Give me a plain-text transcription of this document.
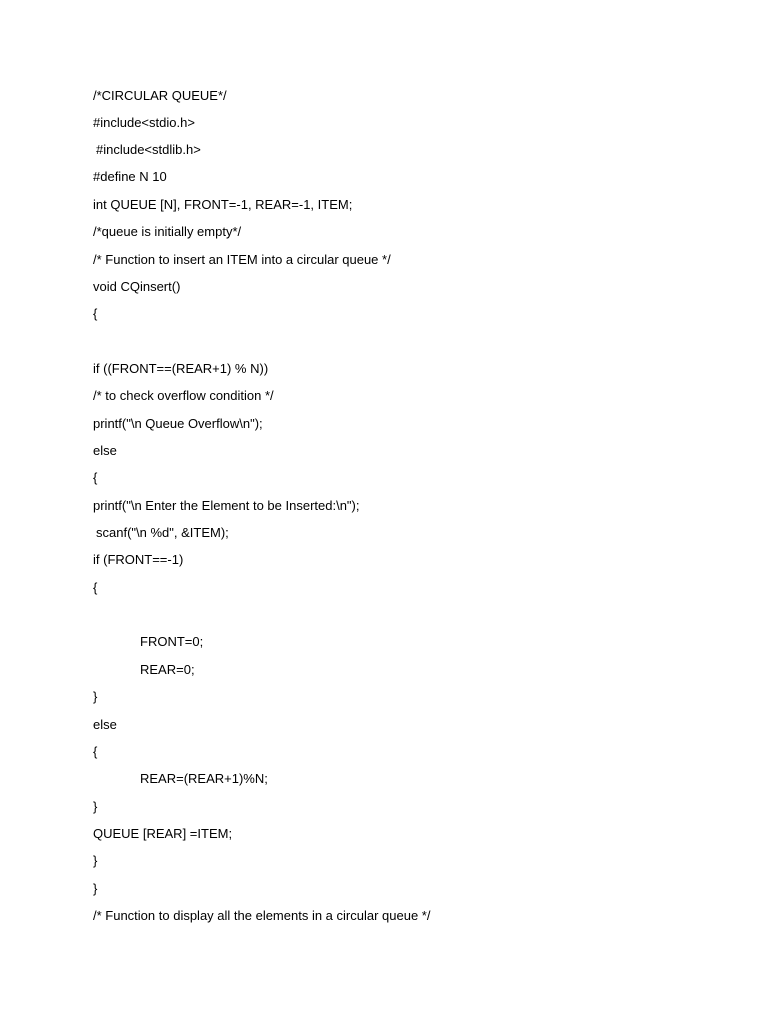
/*CIRCULAR QUEUE*/

#include<stdio.h>

#include<stdlib.h>

#define N 10

int QUEUE [N], FRONT=-1, REAR=-1, ITEM;

/*queue is initially empty*/

/* Function to insert an ITEM into a circular queue */

void CQinsert()

{

if ((FRONT==(REAR+1) % N))

/* to check overflow condition */

printf("\n Queue Overflow\n");

else

{

printf("\n Enter the Element to be Inserted:\n");

scanf("\n %d", &ITEM);

if (FRONT==-1)

{

FRONT=0;

REAR=0;

}

else

{

REAR=(REAR+1)%N;

}

QUEUE [REAR] =ITEM;

}

}

/* Function to display all the elements in a circular queue */
